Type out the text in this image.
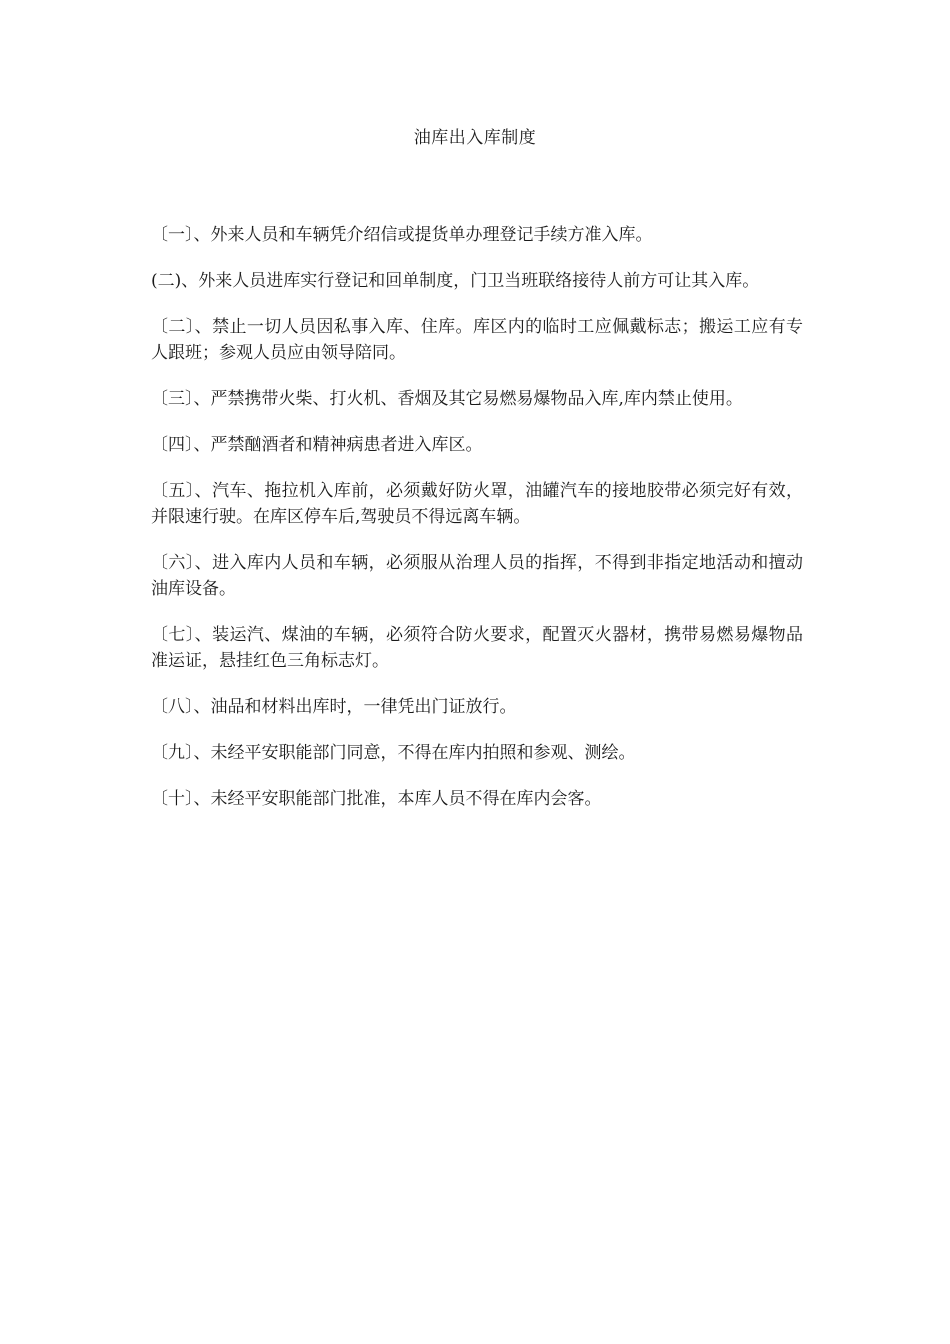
油库出入库制度

〔一〕、外来人员和车辆凭介绍信或提货单办理登记手续方准入库。

(二)、外来人员进库实行登记和回单制度，门卫当班联络接待人前方可让其入库。

〔二〕、禁止一切人员因私事入库、住库。库区内的临时工应佩戴标志；搬运工应有专人跟班；参观人员应由领导陪同。

〔三〕、严禁携带火柴、打火机、香烟及其它易燃易爆物品入库,库内禁止使用。

〔四〕、严禁酗酒者和精神病患者进入库区。

〔五〕、汽车、拖拉机入库前，必须戴好防火罩，油罐汽车的接地胶带必须完好有效，并限速行驶。在库区停车后,驾驶员不得远离车辆。

〔六〕、进入库内人员和车辆，必须服从治理人员的指挥，不得到非指定地活动和擅动油库设备。

〔七〕、装运汽、煤油的车辆，必须符合防火要求，配置灭火器材，携带易燃易爆物品准运证，悬挂红色三角标志灯。

〔八〕、油品和材料出库时，一律凭出门证放行。

〔九〕、未经平安职能部门同意，不得在库内拍照和参观、测绘。

〔十〕、未经平安职能部门批准，本库人员不得在库内会客。
